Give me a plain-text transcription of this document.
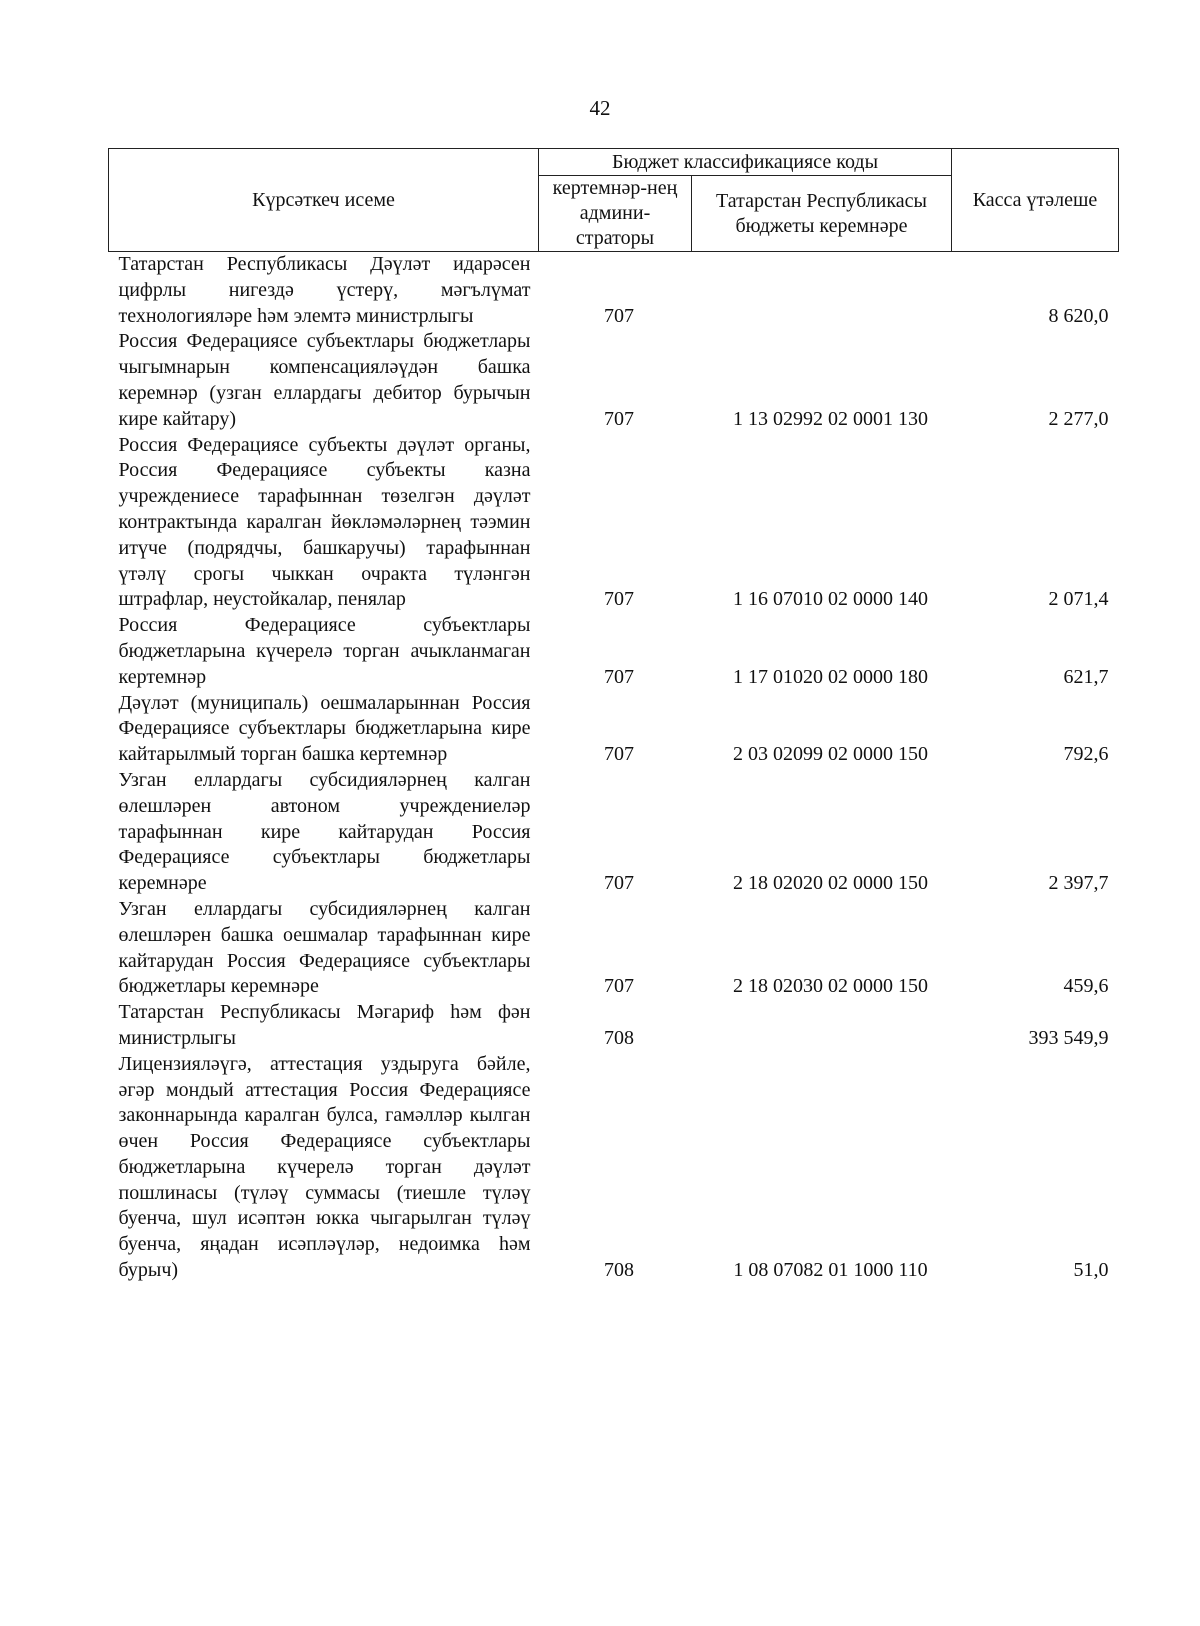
42
Күрсәткеч исеме	Бюджет классификациясе коды		Касса үтәлеше
	кертемнәр-нең админи-страторы	Татарстан Республикасы бюджеты керемнәре	
Татарстан Республикасы Дәүләт идарәсен цифрлы нигездә үстерү, мәгълүмат технологияләре һәм элемтә министрлыгы	707		8 620,0
Россия Федерациясе субъектлары бюджетлары чыгымнарын компенсацияләүдән башка керемнәр (узган еллардагы дебитор бурычын кире кайтару)	707	1 13 02992 02 0001 130	2 277,0
Россия Федерациясе субъекты дәүләт органы, Россия Федерациясе субъекты казна учреждениесе тарафыннан төзелгән дәүләт контрактында каралган йөкләмәләрнең тәэмин итүче (подрядчы, башкаручы) тарафыннан үтәлү срогы чыккан очракта түләнгән штрафлар, неустойкалар, пенялар	707	1 16 07010 02 0000 140	2 071,4
Россия Федерациясе субъектлары бюджетларына күчерелә торган ачыкланмаган кертемнәр	707	1 17 01020 02 0000 180	621,7
Дәүләт (муниципаль) оешмаларыннан Россия Федерациясе субъектлары бюджетларына кире кайтарылмый торган башка кертемнәр	707	2 03 02099 02 0000 150	792,6
Узган еллардагы субсидияләрнең калган өлешләрен автоном учреждениеләр тарафыннан кире кайтарудан Россия Федерациясе субъектлары бюджетлары керемнәре	707	2 18 02020 02 0000 150	2 397,7
Узган еллардагы субсидияләрнең калган өлешләрен башка оешмалар тарафыннан кире кайтарудан Россия Федерациясе субъектлары бюджетлары керемнәре	707	2 18 02030 02 0000 150	459,6
Татарстан Республикасы Мәгариф һәм фән министрлыгы	708		393 549,9
Лицензияләүгә, аттестация уздыруга бәйле, әгәр мондый аттестация Россия Федерациясе законнарында каралган булса, гамәлләр кылган өчен Россия Федерациясе субъектлары бюджетларына күчерелә торган дәүләт пошлинасы (түләү суммасы (тиешле түләү буенча, шул исәптән юкка чыгарылган түләү буенча, яңадан исәпләүләр, недоимка һәм бурыч)	708	1 08 07082 01 1000 110	51,0
